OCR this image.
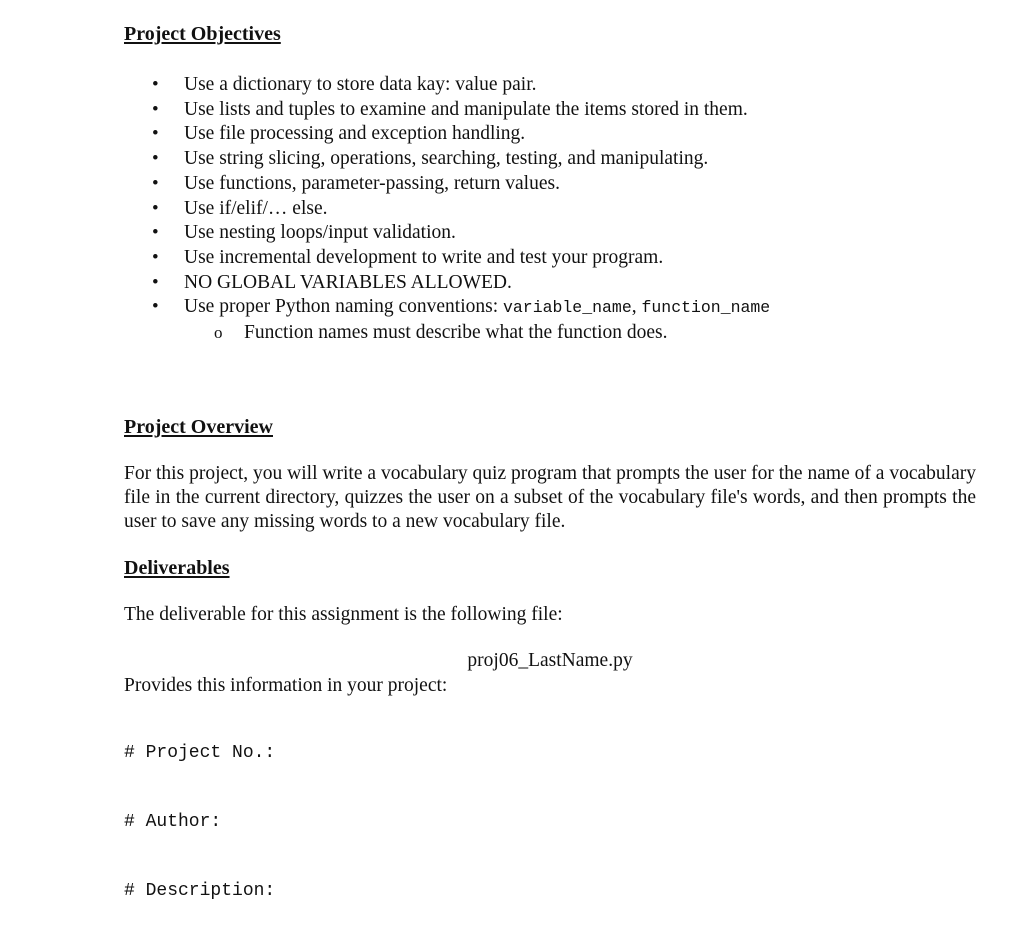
Project Objectives
• Use a dictionary to store data kay: value pair.
• Use lists and tuples to examine and manipulate the items stored in them.
• Use file processing and exception handling.
• Use string slicing, operations, searching, testing, and manipulating.
• Use functions, parameter-passing, return values.
• Use if/elif/… else.
• Use nesting loops/input validation.
• Use incremental development to write and test your program.
• NO GLOBAL VARIABLES ALLOWED.
• Use proper Python naming conventions: variable_name, function_name
o Function names must describe what the function does.
Project Overview

For this project, you will write a vocabulary quiz program that prompts the user for the name of a vocabulary file in the current directory, quizzes the user on a subset of the vocabulary file's words, and then prompts the user to save any missing words to a new vocabulary file.

Deliverables

The deliverable for this assignment is the following file:

proj06_LastName.py

Provides this information in your project:

# Project No.:

# Author:

# Description:
